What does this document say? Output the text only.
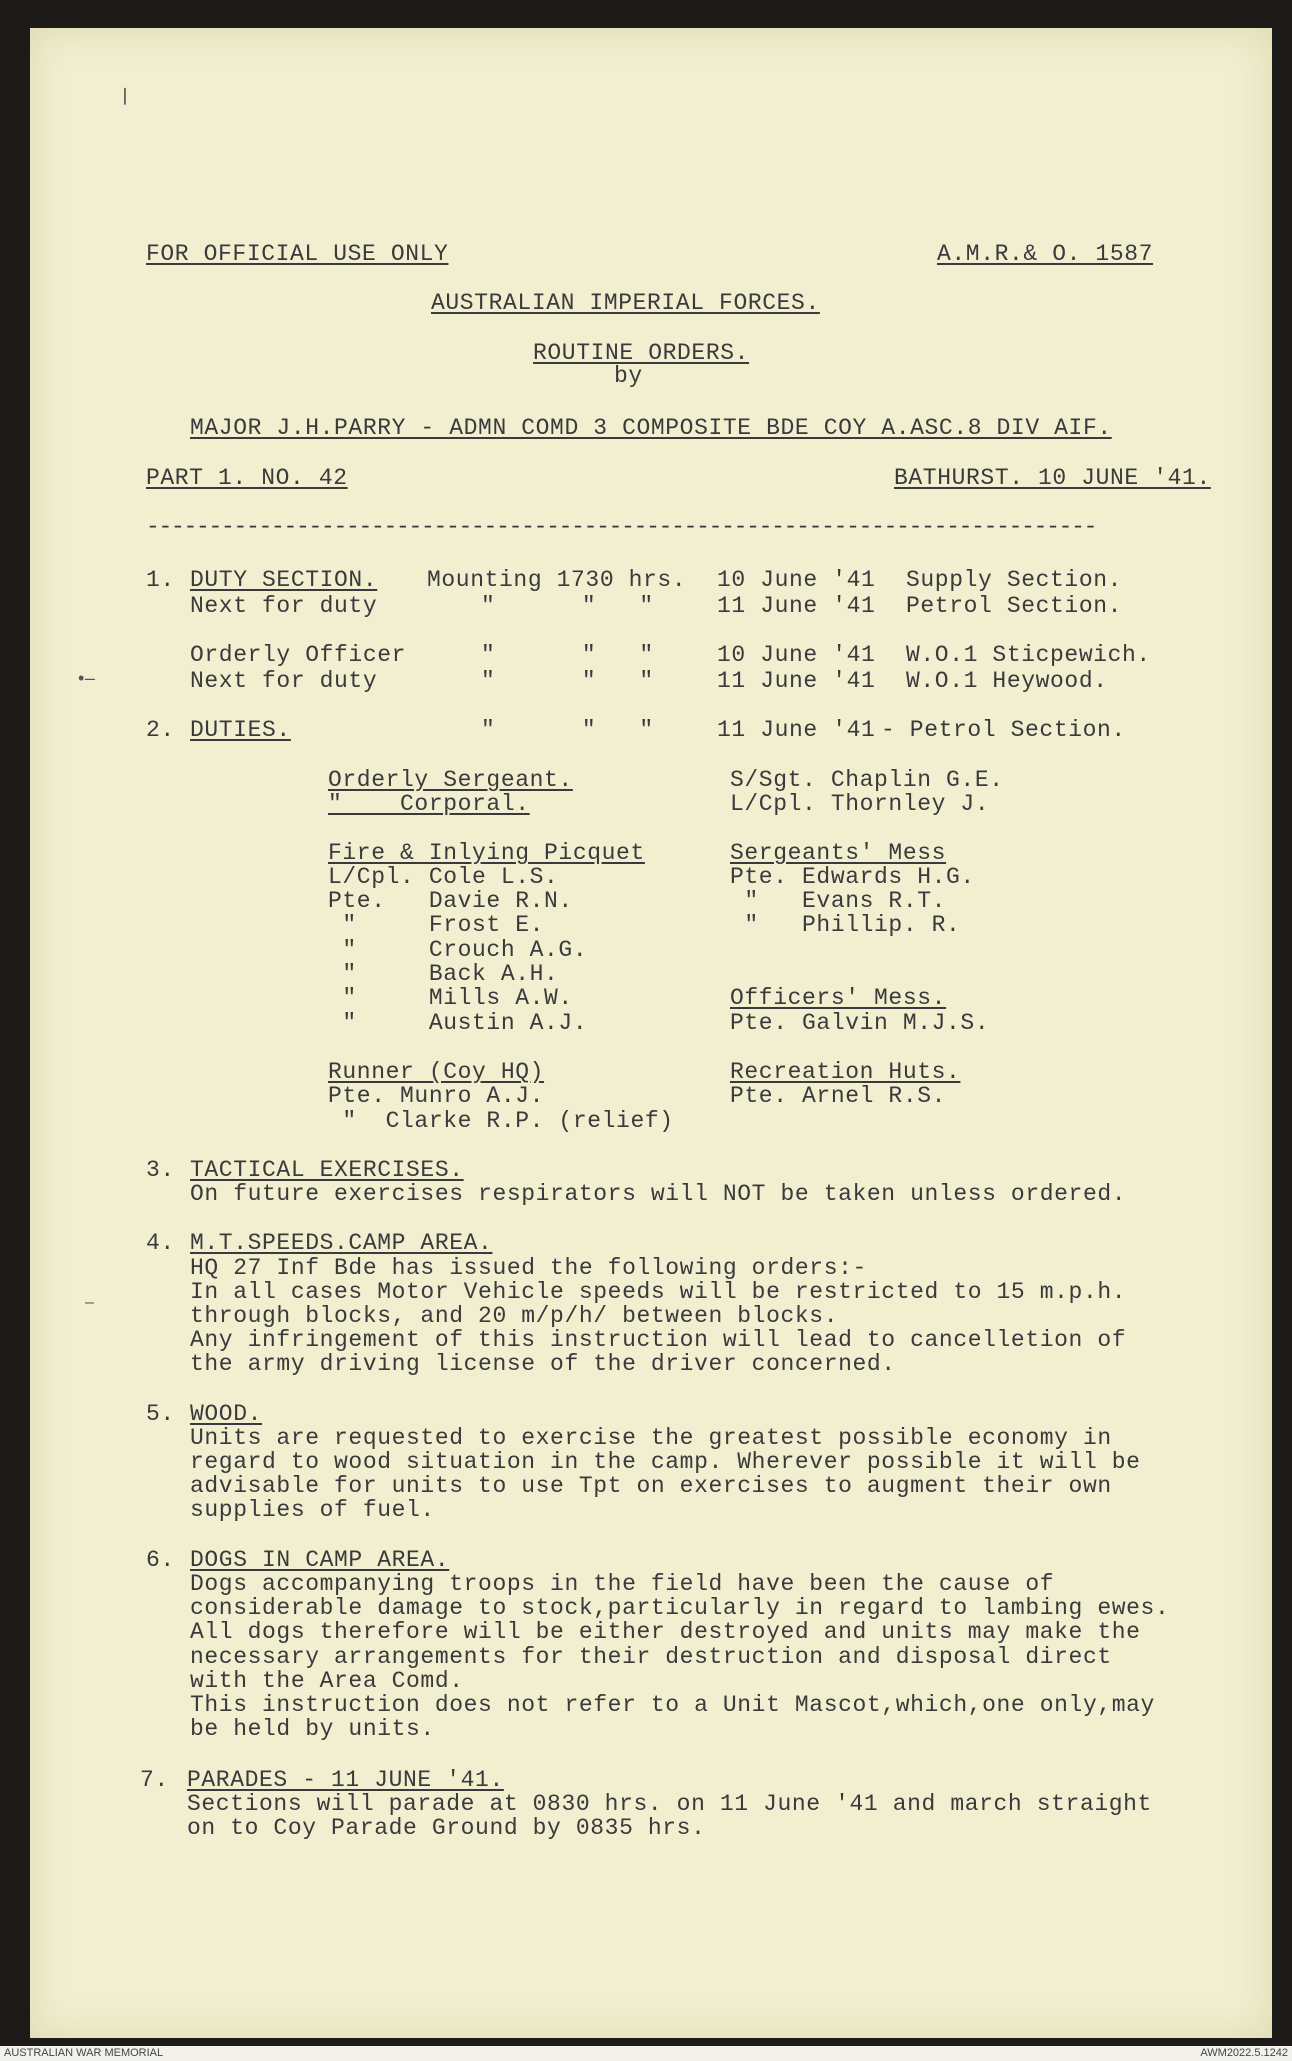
FOR OFFICIAL USE ONLY	A.M.R.& O. 1587
AUSTRALIAN IMPERIAL FORCES.
ROUTINE ORDERS.
by
MAJOR J.H.PARRY - ADMN COMD 3 COMPOSITE BDE COY A.ASC.8 DIV AIF.
PART 1. NO. 42	BATHURST. 10 JUNE '41.
----------------------------------------------------------------------------
1. DUTY SECTION. Mounting 1730 hrs. 10 June '41 Supply Section.
Next for duty	"      "   "	11 June '41 Petrol Section.
Orderly Officer	"      "   "	10 June '41 W.O.1 Sticpewich.
Next for duty	"      "   "	11 June '41 W.O.1 Heywood.
2. DUTIES.	"      "   "	11 June '41 - Petrol Section.
Orderly Sergeant.	S/Sgt. Chaplin G.E.
"    Corporal.	L/Cpl. Thornley J.
Fire & Inlying Picquet
L/Cpl. Cole L.S.
Pte.   Davie R.N.
"     Frost E.
"     Crouch A.G.
"     Back A.H.
"     Mills A.W.
"     Austin A.J.
Sergeants' Mess
Pte. Edwards H.G.
"   Evans R.T.
"   Phillip. R.
Officers' Mess.
Pte. Galvin M.J.S.
Runner (Coy HQ)
Pte. Munro A.J.
"  Clarke R.P. (relief)
Recreation Huts.
Pte. Arnel R.S.
3. TACTICAL EXERCISES.
On future exercises respirators will NOT be taken unless ordered.
4. M.T.SPEEDS.CAMP AREA.
HQ 27 Inf Bde has issued the following orders:-
In all cases Motor Vehicle speeds will be restricted to 15 m.p.h.
through blocks, and 20 m/p/h/ between blocks.
Any infringement of this instruction will lead to cancelletion of
the army driving license of the driver concerned.
5. WOOD.
Units are requested to exercise the greatest possible economy in
regard to wood situation in the camp. Wherever possible it will be
advisable for units to use Tpt on exercises to augment their own
supplies of fuel.
6. DOGS IN CAMP AREA.
Dogs accompanying troops in the field have been the cause of
considerable damage to stock,particularly in regard to lambing ewes.
All dogs therefore will be either destroyed and units may make the
necessary arrangements for their destruction and disposal direct
with the Area Comd.
This instruction does not refer to a Unit Mascot,which,one only,may
be held by units.
7. PARADES - 11 JUNE '41.
Sections will parade at 0830 hrs. on 11 June '41 and march straight
on to Coy Parade Ground by 0835 hrs.
/
•–
–
AUSTRALIAN WAR MEMORIAL	AWM2022.5.1242
